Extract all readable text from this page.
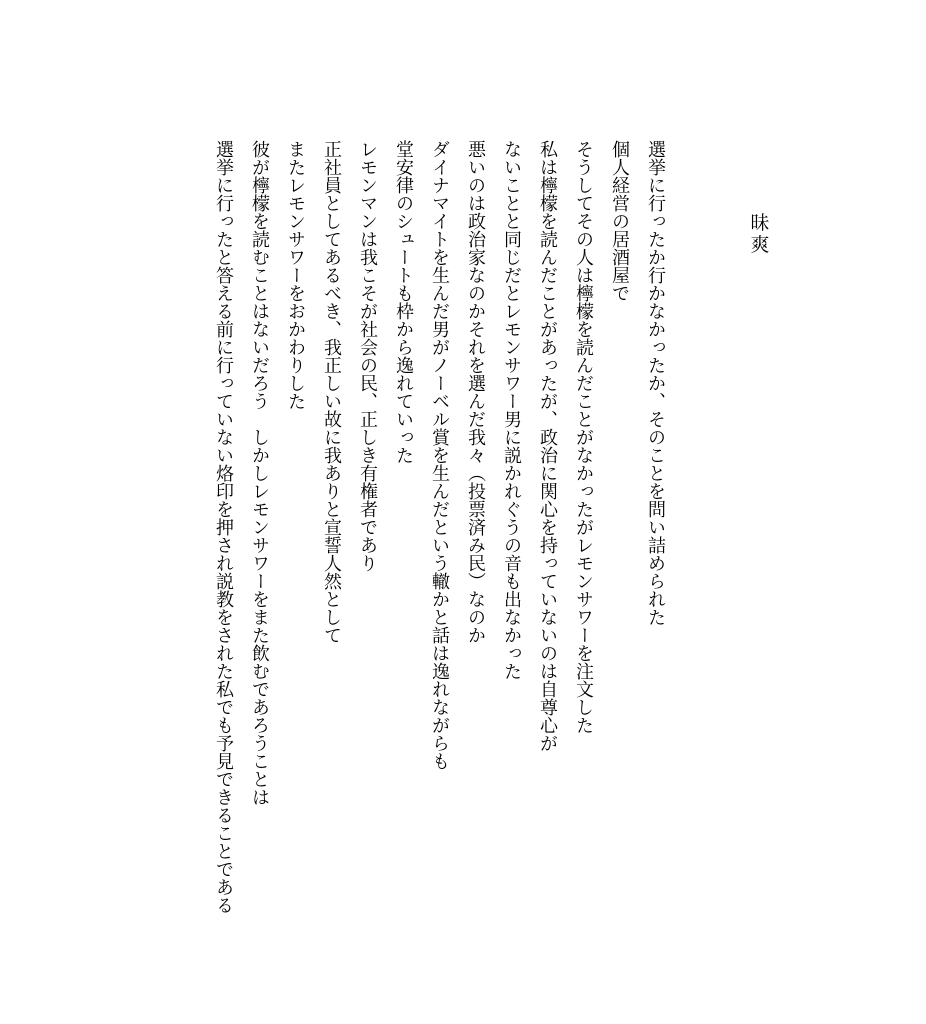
昧
爽
選挙に行ったか行かなかったか、そのことを問い詰められた
個人経営の居酒屋で
そうしてその人は檸檬を読んだことがなかったがレモンサワーを注文した
私は檸檬を読んだことがあったが、政治に関心を持っていないのは自尊心が
ないことと同じだとレモンサワー男に説かれぐうの音も出なかった
悪いのは政治家なのかそれを選んだ我々（投票済み民）なのか
ダイナマイトを生んだ男がノーベル賞を生んだという轍かと話は逸れながらも
堂安律のシュートも枠から逸れていった
レモンマンは我こそが社会の民、正しき有権者であり
正社員としてあるべき、我正しい故に我ありと宣誓人然として
またレモンサワーをおかわりした
彼が檸檬を読むことはないだろう　しかしレモンサワーをまた飲むであろうことは
選挙に行ったと答える前に行っていない烙印を押され説教をされた私でも予見できることである
